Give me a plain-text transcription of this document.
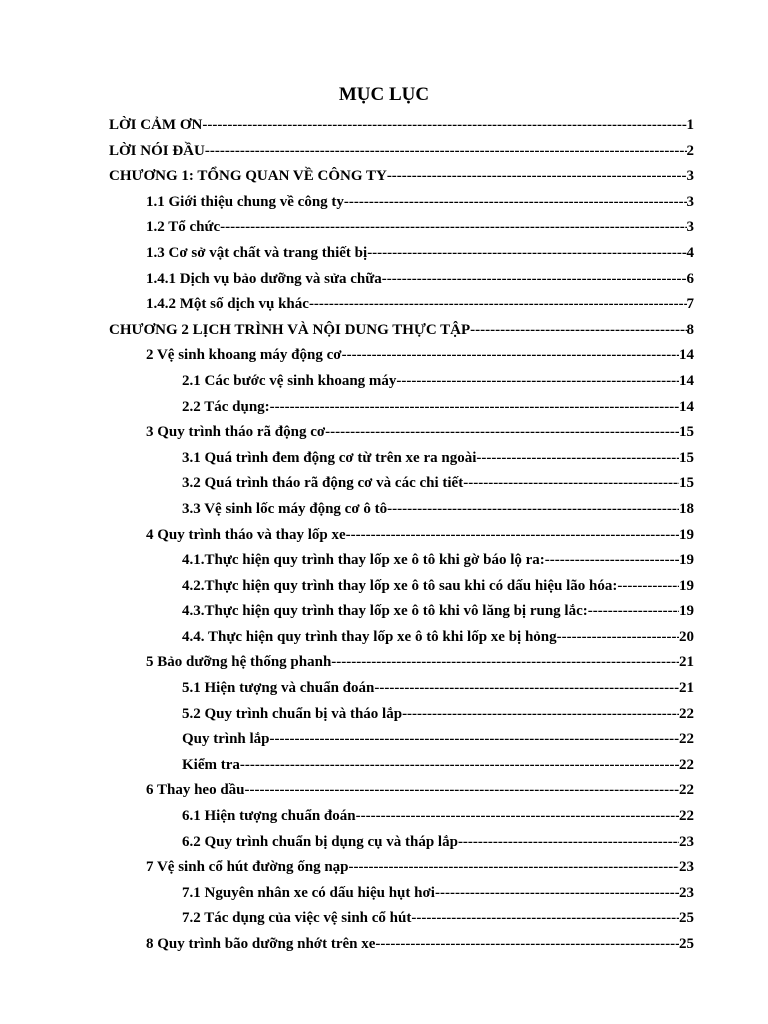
MỤC LỤC
LỜI CẢM ƠN -----	1
LỜI NÓI ĐẦU -----	2
CHƯƠNG 1: TỔNG QUAN VỀ CÔNG TY -----	3
1.1 Giới thiệu chung về công ty -----	3
1.2 Tổ chức -----	3
1.3 Cơ sở vật chất và trang thiết bị -----	4
1.4.1 Dịch vụ bảo dưỡng và sửa chữa -----	6
1.4.2 Một số dịch vụ khác -----	7
CHƯƠNG 2 LỊCH TRÌNH VÀ NỘI DUNG THỰC TẬP -----	8
2 Vệ sinh khoang máy động cơ -----	14
2.1 Các bước vệ sinh khoang máy -----	14
2.2 Tác dụng: -----	14
3 Quy trình tháo rã động cơ -----	15
3.1 Quá trình đem động cơ từ trên xe ra ngoài -----	15
3.2 Quá trình tháo rã động cơ và các chi tiết -----	15
3.3 Vệ sinh lốc máy động cơ ô tô -----	18
4 Quy trình tháo và thay lốp xe -----	19
4.1.Thực hiện quy trình thay lốp xe ô tô khi gờ báo lộ ra: -----	19
4.2.Thực hiện quy trình thay lốp xe ô tô sau khi có dấu hiệu lão hóa: -----	19
4.3.Thực hiện quy trình thay lốp xe ô tô khi vô lăng bị rung lắc: -----	19
4.4. Thực hiện quy trình thay lốp xe ô tô khi lốp xe bị hỏng -----	20
5 Bảo dưỡng hệ thống phanh -----	21
5.1 Hiện tượng và chuẩn đoán -----	21
5.2 Quy trình chuẩn bị và tháo lắp -----	22
Quy trình lắp -----	22
Kiểm tra -----	22
6 Thay heo dầu -----	22
6.1 Hiện tượng chuẩn đoán -----	22
6.2 Quy trình chuẩn bị dụng cụ và tháp lắp -----	23
7 Vệ sinh cổ hút đường ống nạp -----	23
7.1 Nguyên nhân xe có dấu hiệu hụt hơi -----	23
7.2 Tác dụng của việc vệ sinh cổ hút -----	25
8 Quy trình bão dưỡng nhớt trên xe -----	25
